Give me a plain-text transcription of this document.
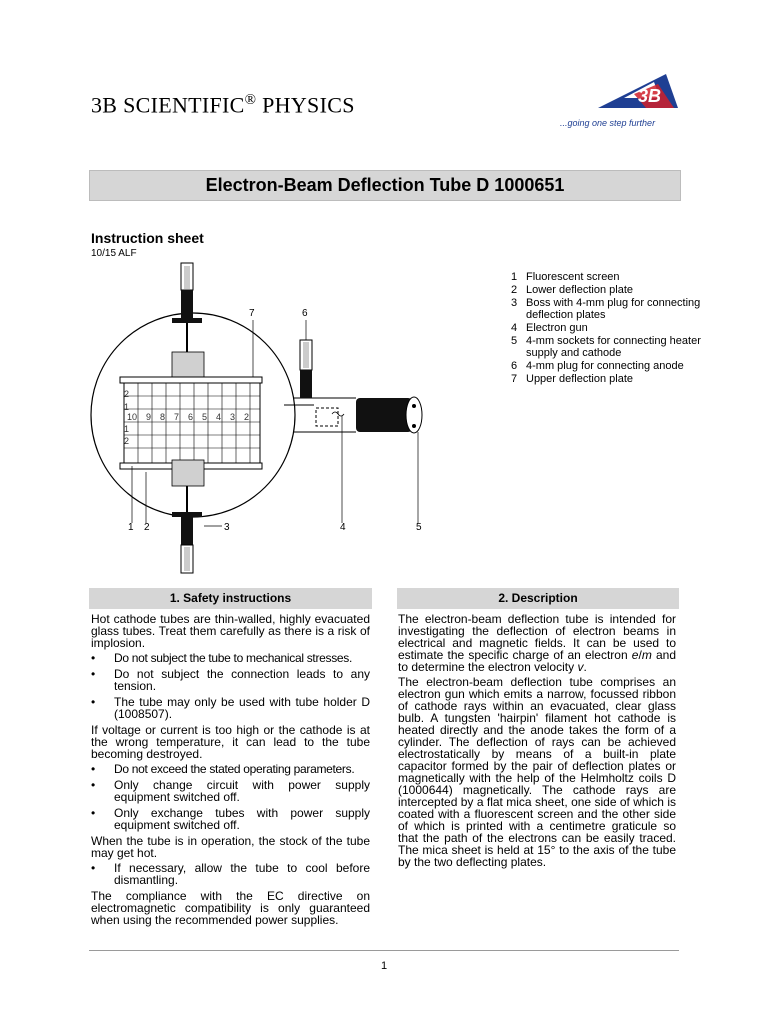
3B SCIENTIFIC® PHYSICS	3B
...going one step further
Electron-Beam Deflection Tube D 1000651
Instruction sheet
10/15 ALF
10 9 8 7 6 5 4 3 2
2
1
1
2
1 2	3	4	5
6
7
1 Fluorescent screen
2 Lower deflection plate
3 Boss with 4-mm plug for connecting deflection plates
4 Electron gun
5 4-mm sockets for connecting heater supply and cathode
6 4-mm plug for connecting anode
7 Upper deflection plate
1. Safety instructions

Hot cathode tubes are thin-walled, highly evacuated glass tubes. Treat them carefully as there is a risk of implosion.

• Do not subject the tube to mechanical stresses.
• Do not subject the connection leads to any tension.
• The tube may only be used with tube holder D (1008507).

If voltage or current is too high or the cathode is at the wrong temperature, it can lead to the tube becoming destroyed.

• Do not exceed the stated operating parameters.
• Only change circuit with power supply equipment switched off.
• Only exchange tubes with power supply equipment switched off.

When the tube is in operation, the stock of the tube may get hot.

• If necessary, allow the tube to cool before dismantling.

The compliance with the EC directive on electromagnetic compatibility is only guaranteed when using the recommended power supplies.

2. Description

The electron-beam deflection tube is intended for investigating the deflection of electron beams in electrical and magnetic fields. It can be used to estimate the specific charge of an electron e/m and to determine the electron velocity v.

The electron-beam deflection tube comprises an electron gun which emits a narrow, focussed ribbon of cathode rays within an evacuated, clear glass bulb. A tungsten 'hairpin' filament hot cathode is heated directly and the anode takes the form of a cylinder. The deflection of rays can be achieved electrostatically by means of a built-in plate capacitor formed by the pair of deflection plates or magnetically with the help of the Helmholtz coils D (1000644) magnetically. The cathode rays are intercepted by a flat mica sheet, one side of which is coated with a fluorescent screen and the other side of which is printed with a centimetre graticule so that the path of the electrons can be easily traced. The mica sheet is held at 15° to the axis of the tube by the two deflecting plates.

1
